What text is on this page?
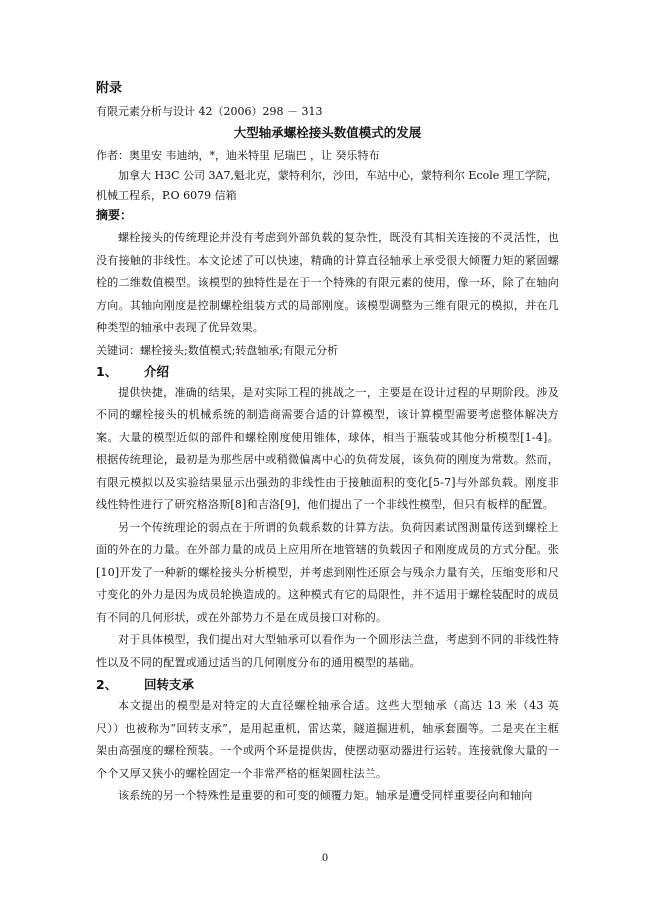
附录
有限元素分析与设计 42（2006）298 － 313
大型轴承螺栓接头数值模式的发展
作者：奥里安 韦迪纳，*，迪米特里 尼瑞巴 ，让 癸乐特布
加拿大 H3C 公司 3A7,魁北克，蒙特利尔，沙田，车站中心，蒙特利尔 Ecole 理工学院，
机械工程系，P.O 6079 信箱
摘要：

螺栓接头的传统理论并没有考虑到外部负载的复杂性，既没有其相关连接的不灵活性，也没有接触的非线性。本文论述了可以快速，精确的计算直径轴承上承受很大倾覆力矩的紧固螺栓的二维数值模型。该模型的独特性是在于一个特殊的有限元素的使用，像一环，除了在轴向方向。其轴向刚度是控制螺栓组装方式的局部刚度。该模型调整为三维有限元的模拟，并在几种类型的轴承中表现了优异效果。

关键词：螺栓接头;数值模式;转盘轴承;有限元分析
1、	介绍

提供快捷，准确的结果，是对实际工程的挑战之一，主要是在设计过程的早期阶段。涉及不同的螺栓接头的机械系统的制造商需要合适的计算模型，该计算模型需要考虑整体解决方案。大量的模型近似的部件和螺栓刚度使用锥体，球体，相当于瓶装或其他分析模型[1-4]。 根据传统理论，最初是为那些居中或稍微偏离中心的负荷发展，该负荷的刚度为常数。然而，有限元模拟以及实验结果显示出强劲的非线性由于接触面积的变化[5-7]与外部负载。刚度非线性特性进行了研究格洛斯[8]和吉洛[9]，他们提出了一个非线性模型，但只有板样的配置。

另一个传统理论的弱点在于所谓的负载系数的计算方法。负荷因素试图测量传送到螺栓上面的外在的力量。在外部力量的成员上应用所在地管辖的负载因子和刚度成员的方式分配。张[10]开发了一种新的螺栓接头分析模型，并考虑到刚性还原会与残余力量有关，压缩变形和尺寸变化的外力是因为成员轮换造成的。这种模式有它的局限性，并不适用于螺栓装配时的成员有不同的几何形状，或在外部势力不是在成员接口对称的。

对于具体模型，我们提出对大型轴承可以看作为一个圆形法兰盘，考虑到不同的非线性特性以及不同的配置或通过适当的几何刚度分布的通用模型的基础。

2、	回转支承

本文提出的模型是对特定的大直径螺栓轴承合适。这些大型轴承（高达 13 米（43 英尺））也被称为“回转支承”，是用起重机，雷达菜，隧道掘进机，轴承套圈等。二是夹在主框架由高强度的螺栓预装。一个或两个环是提供齿，使摆动驱动器进行运转。连接就像大量的一个个又厚又狭小的螺栓固定一个非常严格的框架圆柱法兰。

该系统的另一个特殊性是重要的和可变的倾覆力矩。轴承是遭受同样重要径向和轴向

0
